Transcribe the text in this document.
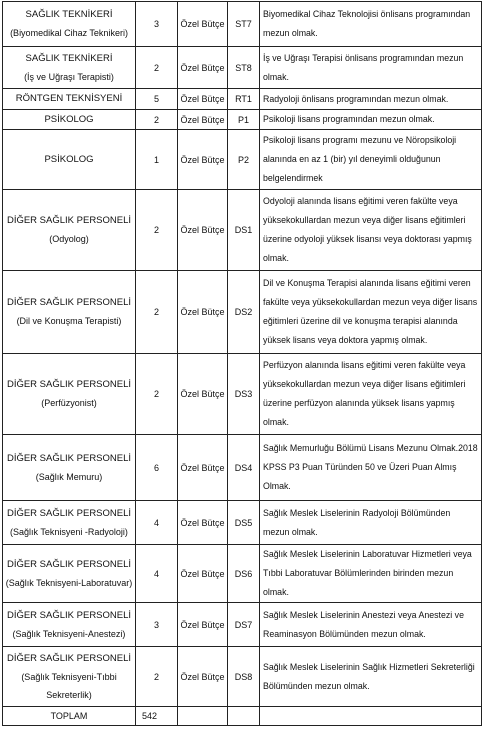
SAĞLIK TEKNİKERİ
(Biyomedikal Cihaz Teknikeri)	3	Özel Bütçe	ST7	Biyomedikal Cihaz Teknolojisi önlisans programından mezun olmak.

SAĞLIK TEKNİKERİ
(İş ve Uğraşı Terapisti)	2	Özel Bütçe	ST8	İş ve Uğraşı Terapisi önlisans programından mezun olmak.

RÖNTGEN TEKNİSYENİ	5	Özel Bütçe	RT1	Radyoloji önlisans programından mezun olmak.

PSİKOLOG	2	Özel Bütçe	P1	Psikoloji lisans programından mezun olmak.

PSİKOLOG	1	Özel Bütçe	P2	Psikoloji lisans programı mezunu ve Nöropsikoloji alanında en az 1 (bir) yıl deneyimli olduğunun belgelendirmek

DİĞER SAĞLIK PERSONELİ
(Odyolog)	2	Özel Bütçe	DS1	Odyoloji alanında lisans eğitimi veren fakülte veya yüksekokullardan mezun veya diğer lisans eğitimleri üzerine odyoloji yüksek lisansı veya doktorası yapmış olmak.

DİĞER SAĞLIK PERSONELİ
(Dil ve Konuşma Terapisti)	2	Özel Bütçe	DS2	Dil ve Konuşma Terapisi alanında lisans eğitimi veren fakülte veya yüksekokullardan mezun veya diğer lisans eğitimleri üzerine dil ve konuşma terapisi alanında yüksek lisans veya doktora yapmış olmak.

DİĞER SAĞLIK PERSONELİ
(Perfüzyonist)	2	Özel Bütçe	DS3	Perfüzyon alanında lisans eğitimi veren fakülte veya yüksekokullardan mezun veya diğer lisans eğitimleri üzerine perfüzyon alanında yüksek lisans yapmış olmak.

DİĞER SAĞLIK PERSONELİ
(Sağlık Memuru)	6	Özel Bütçe	DS4	Sağlık Memurluğu Bölümü Lisans Mezunu Olmak.2018 KPSS P3 Puan Türünden 50 ve Üzeri Puan Almış Olmak.

DİĞER SAĞLIK PERSONELİ
(Sağlık Teknisyeni -Radyoloji)	4	Özel Bütçe	DS5	Sağlık Meslek Liselerinin Radyoloji Bölümünden mezun olmak.

DİĞER SAĞLIK PERSONELİ
(Sağlık Teknisyeni-Laboratuvar)	4	Özel Bütçe	DS6	Sağlık Meslek Liselerinin Laboratuvar Hizmetleri veya Tıbbi Laboratuvar Bölümlerinden birinden mezun olmak.

DİĞER SAĞLIK PERSONELİ
(Sağlık Teknisyeni-Anestezi)	3	Özel Bütçe	DS7	Sağlık Meslek Liselerinin Anestezi veya Anestezi ve Reaminasyon Bölümünden mezun olmak.

DİĞER SAĞLIK PERSONELİ
(Sağlık Teknisyeni-Tıbbi Sekreterlik)	2	Özel Bütçe	DS8	Sağlık Meslek Liselerinin Sağlık Hizmetleri Sekreterliği Bölümünden mezun olmak.
TOPLAM	542			
